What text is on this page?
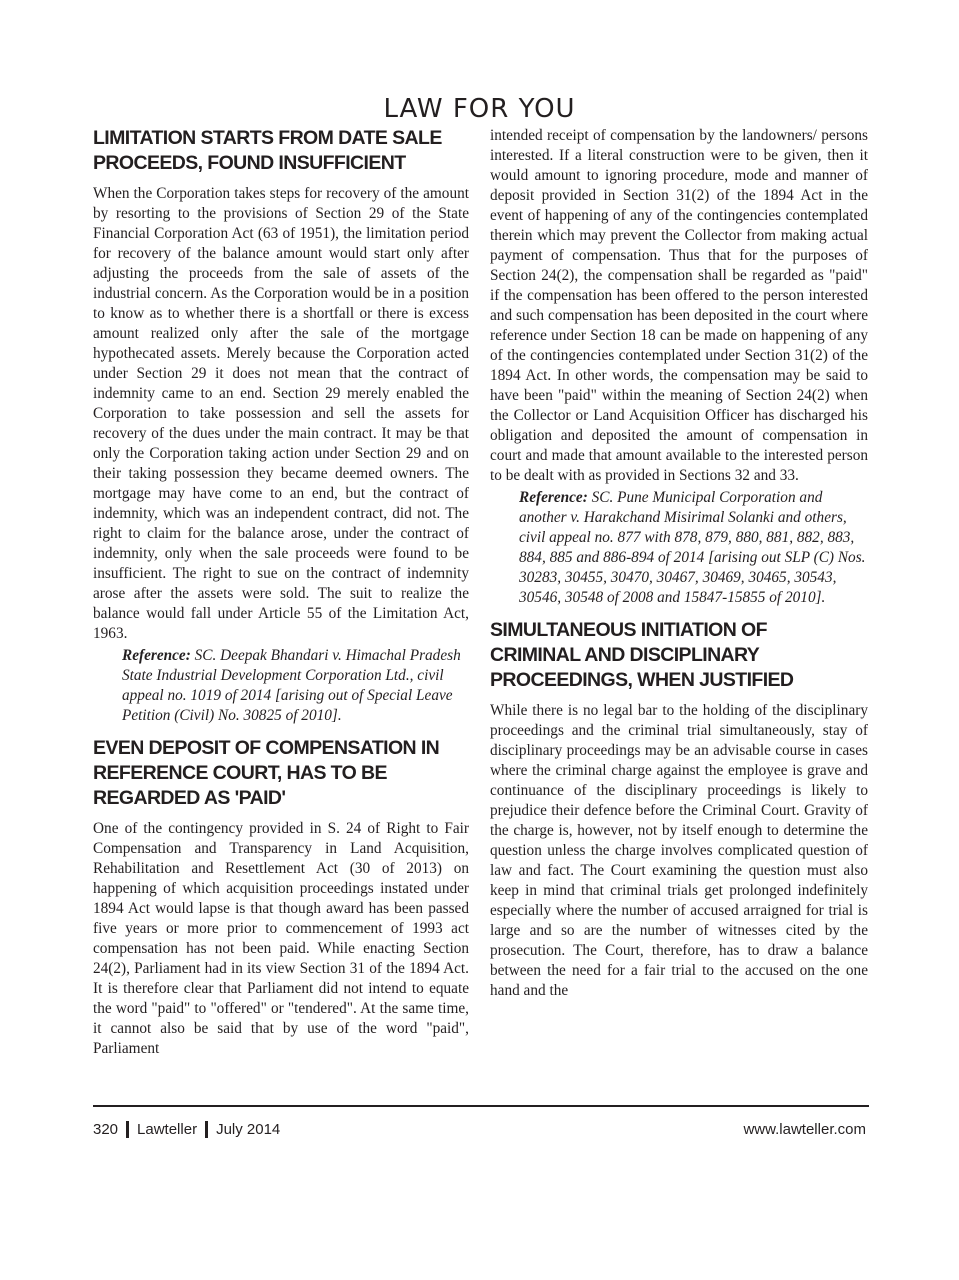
LAW FOR YOU
LIMITATION STARTS FROM DATE SALE
PROCEEDS, FOUND INSUFFICIENT

When the Corporation takes steps for recovery of the amount by resorting to the provisions of Section 29 of the State Financial Corporation Act (63 of 1951), the limitation period for recovery of the balance amount would start only after adjusting the proceeds from the sale of assets of the industrial concern. As the Corporation would be in a position to know as to whether there is a shortfall or there is excess amount realized only after the sale of the mortgage hypothecated assets. Merely because the Corporation acted under Section 29 it does not mean that the contract of indemnity came to an end. Section 29 merely enabled the Corporation to take possession and sell the assets for recovery of the dues under the main contract. It may be that only the Corporation taking action under Section 29 and on their taking possession they became deemed owners. The mortgage may have come to an end, but the contract of indemnity, which was an independent contract, did not. The right to claim for the balance arose, under the contract of indemnity, only when the sale proceeds were found to be insufficient. The right to sue on the contract of indemnity arose after the assets were sold. The suit to realize the balance would fall under Article 55 of the Limitation Act, 1963.

Reference: SC. Deepak Bhandari v. Himachal Pradesh State Industrial Development Corporation Ltd., civil appeal no. 1019 of 2014 [arising out of Special Leave Petition (Civil) No. 30825 of 2010].

EVEN DEPOSIT OF COMPENSATION IN
REFERENCE COURT, HAS TO BE
REGARDED AS 'PAID'

One of the contingency provided in S. 24 of Right to Fair Compensation and Transparency in Land Acquisition, Rehabilitation and Resettlement Act (30 of 2013) on happening of which acquisition proceedings instated under 1894 Act would lapse is that though award has been passed five years or more prior to commencement of 1993 act compensation has not been paid. While enacting Section 24(2), Parliament had in its view Section 31 of the 1894 Act. It is therefore clear that Parliament did not intend to equate the word "paid" to "offered" or "tendered". At the same time, it cannot also be said that by use of the word "paid", Parliament

intended receipt of compensation by the landowners/ persons interested. If a literal construction were to be given, then it would amount to ignoring procedure, mode and manner of deposit provided in Section 31(2) of the 1894 Act in the event of happening of any of the contingencies contemplated therein which may prevent the Collector from making actual payment of compensation. Thus that for the purposes of Section 24(2), the compensation shall be regarded as "paid" if the compensation has been offered to the person interested and such compensation has been deposited in the court where reference under Section 18 can be made on happening of any of the contingencies contemplated under Section 31(2) of the 1894 Act. In other words, the compensation may be said to have been "paid" within the meaning of Section 24(2) when the Collector or Land Acquisition Officer has discharged his obligation and deposited the amount of compensation in court and made that amount available to the interested person to be dealt with as provided in Sections 32 and 33.

Reference: SC. Pune Municipal Corporation and another v. Harakchand Misirimal Solanki and others, civil appeal no. 877 with 878, 879, 880, 881, 882, 883, 884, 885 and 886-894 of 2014 [arising out SLP (C) Nos. 30283, 30455, 30470, 30467, 30469, 30465, 30543, 30546, 30548 of 2008 and 15847-15855 of 2010].

SIMULTANEOUS INITIATION OF
CRIMINAL AND DISCIPLINARY
PROCEEDINGS, WHEN JUSTIFIED

While there is no legal bar to the holding of the disciplinary proceedings and the criminal trial simultaneously, stay of disciplinary proceedings may be an advisable course in cases where the criminal charge against the employee is grave and continuance of the disciplinary proceedings is likely to prejudice their defence before the Criminal Court. Gravity of the charge is, however, not by itself enough to determine the question unless the charge involves complicated question of law and fact. The Court examining the question must also keep in mind that criminal trials get prolonged indefinitely especially where the number of accused arraigned for trial is large and so are the number of witnesses cited by the prosecution. The Court, therefore, has to draw a balance between the need for a fair trial to the accused on the one hand and the

320 Lawteller July 2014	www.lawteller.com
